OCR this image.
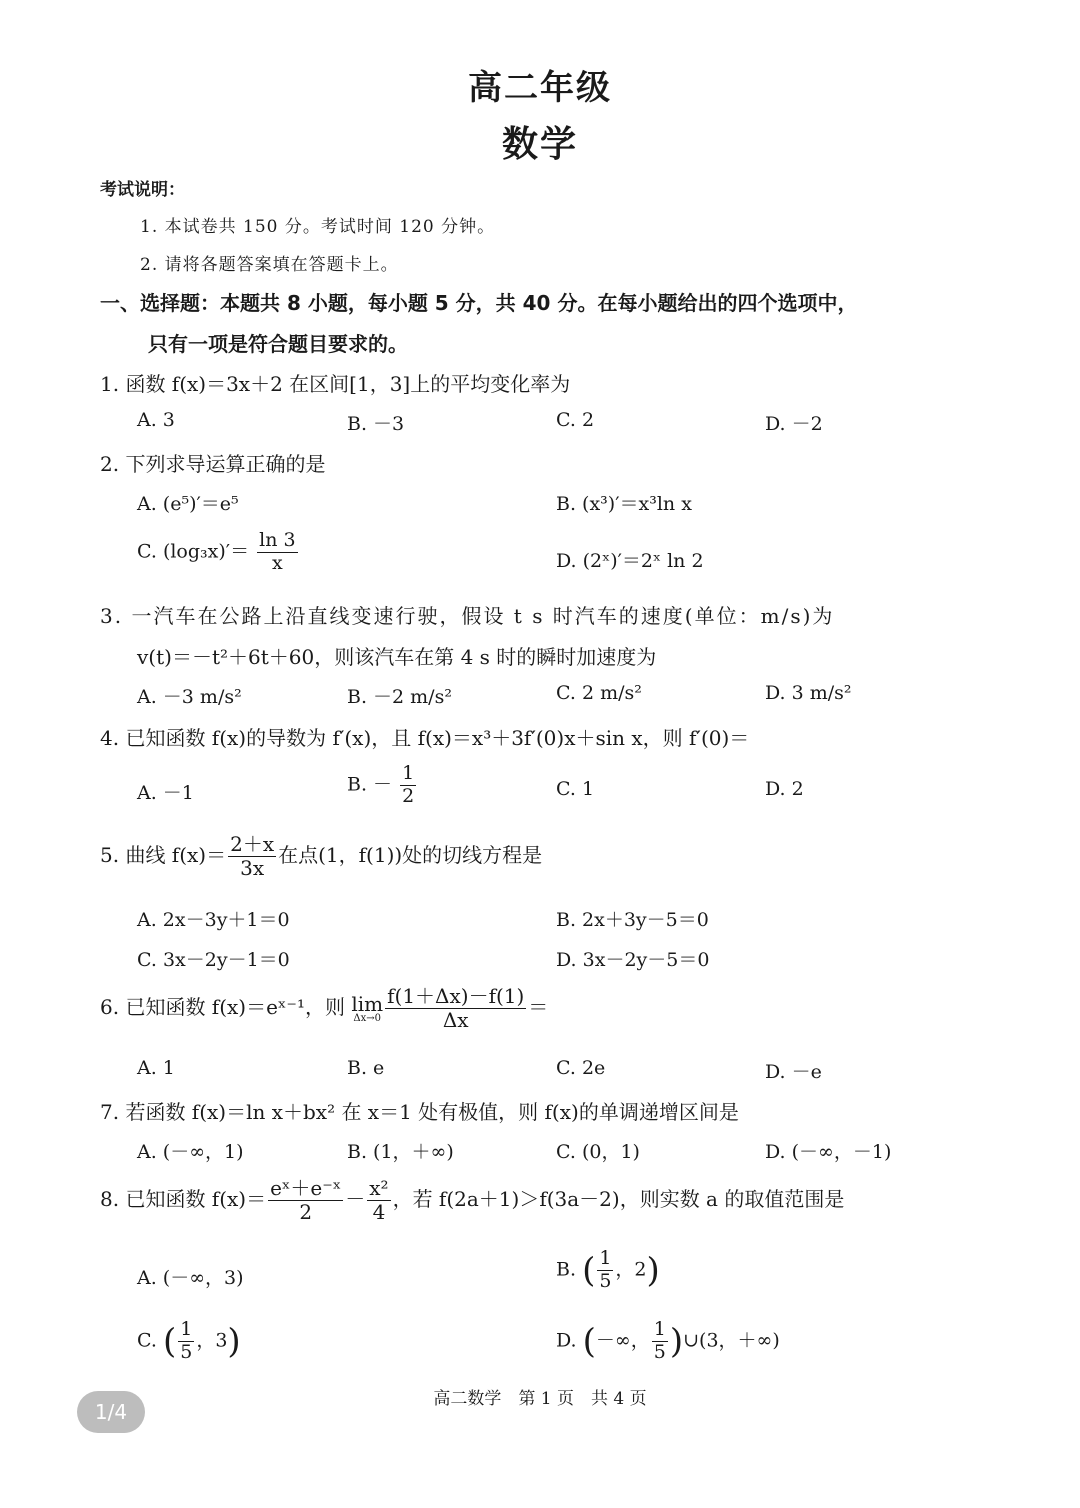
高二年级
数学
考试说明：
1. 本试卷共 150 分。考试时间 120 分钟。
2. 请将各题答案填在答题卡上。
一、选择题：本题共 8 小题，每小题 5 分，共 40 分。在每小题给出的四个选项中，
只有一项是符合题目要求的。
1. 函数 f(x)＝3x＋2 在区间[1，3]上的平均变化率为
A. 3	B. －3	C. 2	D. －2
2. 下列求导运算正确的是
A. (e⁵)′＝e⁵	B. (x³)′＝x³ln x
C. $(\log_3x)'= \frac{\ln 3}{x}$	D. (2ˣ)′＝2ˣ ln 2
3. 一汽车在公路上沿直线变速行驶，假设 t s 时汽车的速度(单位：m/s)为
v(t)＝－t²＋6t＋60，则该汽车在第 4 s 时的瞬时加速度为
A. －3 m/s²	B. －2 m/s²	C. 2 m/s²	D. 3 m/s²
4. 已知函数 f(x)的导数为 f′(x)，且 f(x)＝x³＋3f′(0)x＋sin x，则 f′(0)＝
A. －1	B. － $\frac{1}{2}$	C. 1	D. 2
5. 曲线 $f(x)= \frac{2+x}{3x}$ 在点(1，f(1))处的切线方程是
A. 2x－3y＋1＝0	B. 2x＋3y－5＝0
C. 3x－2y－1＝0	D. 3x－2y－5＝0
6. 已知函数 f(x)＝eˣ⁻¹，则 lim
$\Delta x\to 0 \frac{f(1+\Delta x)-f(1)}{\Delta x}$ ＝
A. 1	B. e	C. 2e	D. －e
7. 若函数 f(x)＝ln x＋bx² 在 x＝1 处有极值，则 f(x)的单调递增区间是
A. (－∞，1)	B. (1，＋∞)	C. (0，1)	D. (－∞，－1)
8. 已知函数 $f(x)= \frac{\text{eˣ＋e⁻ˣ}}{2} - \frac{\text{x²}}{4}$ ，若 f(2a＋1)＞f(3a－2)，则实数 a 的取值范围是
A. (－∞，3)	B. ( $\frac{1}{5}$ ，2)
C. ( $\frac{1}{5}$ ，3)	D. (－∞， $\frac{1}{5}$ )∪(3，＋∞)
高二数学　第 1 页　共 4 页
1/4
